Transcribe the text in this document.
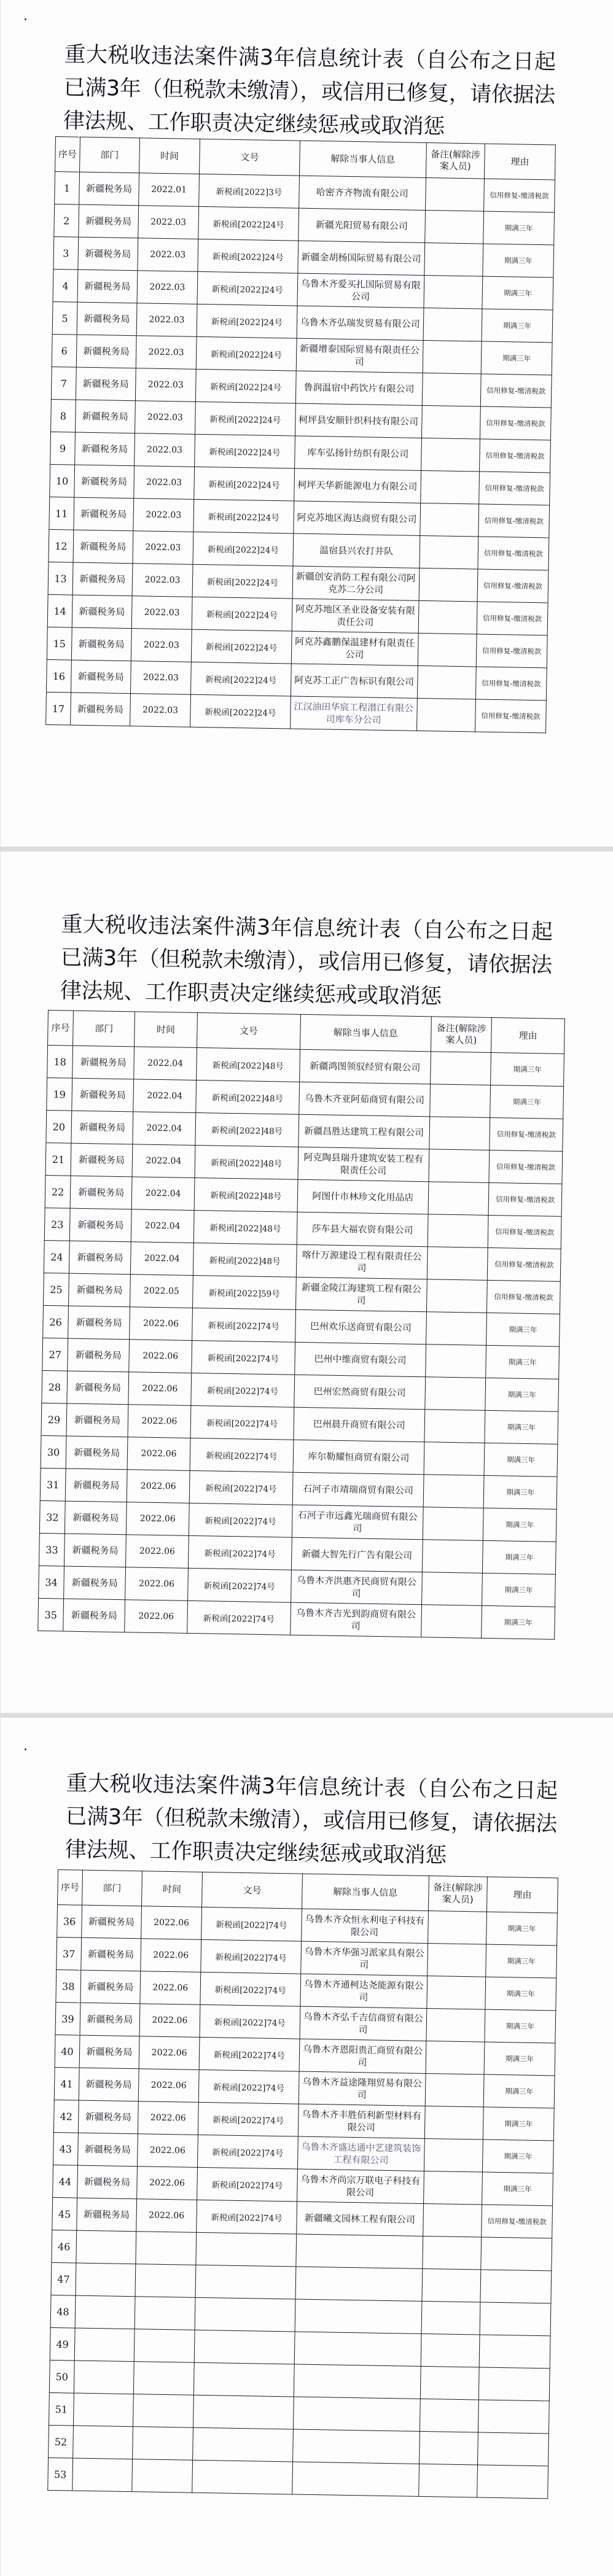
重大税收违法案件满3年信息统计表（自公布之日起已满3年（但税款未缴清），或信用已修复，请依据法律法规、工作职责决定继续惩戒或取消惩
序号	部门	时间	文号	解除当事人信息	备注(解除涉案人员)	理由
1	新疆税务局	2022.01	新税函[2022]3号	哈密齐齐物流有限公司		信用修复-缴清税款
2	新疆税务局	2022.03	新税函[2022]24号	新疆光阳贸易有限公司		期满三年
3	新疆税务局	2022.03	新税函[2022]24号	新疆金胡杨国际贸易有限公司		期满三年
4	新疆税务局	2022.03	新税函[2022]24号	乌鲁木齐爱买扎国际贸易有限公司		期满三年
5	新疆税务局	2022.03	新税函[2022]24号	乌鲁木齐弘瑞发贸易有限公司		期满三年
6	新疆税务局	2022.03	新税函[2022]24号	新疆增泰国际贸易有限责任公司		期满三年
7	新疆税务局	2022.03	新税函[2022]24号	鲁润温宿中药饮片有限公司		信用修复-缴清税款
8	新疆税务局	2022.03	新税函[2022]24号	柯坪县安顺针织科技有限公司		信用修复-缴清税款
9	新疆税务局	2022.03	新税函[2022]24号	库车弘扬针纺织有限公司		信用修复-缴清税款
10	新疆税务局	2022.03	新税函[2022]24号	柯坪天华新能源电力有限公司		信用修复-缴清税款
11	新疆税务局	2022.03	新税函[2022]24号	阿克苏地区海达商贸有限公司		信用修复-缴清税款
12	新疆税务局	2022.03	新税函[2022]24号	温宿县兴农打井队		信用修复-缴清税款
13	新疆税务局	2022.03	新税函[2022]24号	新疆创安消防工程有限公司阿克苏二分公司		信用修复-缴清税款
14	新疆税务局	2022.03	新税函[2022]24号	阿克苏地区圣业设备安装有限责任公司		信用修复-缴清税款
15	新疆税务局	2022.03	新税函[2022]24号	阿克苏鑫鹏保温建材有限责任公司		信用修复-缴清税款
16	新疆税务局	2022.03	新税函[2022]24号	阿克苏工正广告标识有限公司		信用修复-缴清税款
17	新疆税务局	2022.03	新税函[2022]24号	江汉油田华宸工程潜江有限公司库车分公司		信用修复-缴清税款
重大税收违法案件满3年信息统计表（自公布之日起已满3年（但税款未缴清），或信用已修复，请依据法律法规、工作职责决定继续惩戒或取消惩
序号	部门	时间	文号	解除当事人信息	备注(解除涉案人员)	理由
18	新疆税务局	2022.04	新税函[2022]48号	新疆鸿图领驭经贸有限公司		期满三年
19	新疆税务局	2022.04	新税函[2022]48号	乌鲁木齐亚阿茹商贸有限公司		期满三年
20	新疆税务局	2022.04	新税函[2022]48号	新疆昌胜达建筑工程有限公司		信用修复-缴清税款
21	新疆税务局	2022.04	新税函[2022]48号	阿克陶县瑞升建筑安装工程有限责任公司		信用修复-缴清税款
22	新疆税务局	2022.04	新税函[2022]48号	阿图什市林珍文化用品店		信用修复-缴清税款
23	新疆税务局	2022.04	新税函[2022]48号	莎车县大福农资有限公司		信用修复-缴清税款
24	新疆税务局	2022.04	新税函[2022]48号	喀什万源建设工程有限责任公司		信用修复-缴清税款
25	新疆税务局	2022.05	新税函[2022]59号	新疆金陵江海建筑工程有限公司		信用修复-缴清税款
26	新疆税务局	2022.06	新税函[2022]74号	巴州欢乐送商贸有限公司		期满三年
27	新疆税务局	2022.06	新税函[2022]74号	巴州中维商贸有限公司		期满三年
28	新疆税务局	2022.06	新税函[2022]74号	巴州宏然商贸有限公司		期满三年
29	新疆税务局	2022.06	新税函[2022]74号	巴州晨升商贸有限公司		期满三年
30	新疆税务局	2022.06	新税函[2022]74号	库尔勒耀恒商贸有限公司		期满三年
31	新疆税务局	2022.06	新税函[2022]74号	石河子市靖瑞商贸有限公司		期满三年
32	新疆税务局	2022.06	新税函[2022]74号	石河子市远鑫光瑞商贸有限公司		期满三年
33	新疆税务局	2022.06	新税函[2022]74号	新疆大智先行广告有限公司		期满三年
34	新疆税务局	2022.06	新税函[2022]74号	乌鲁木齐洪惠齐民商贸有限公司		期满三年
35	新疆税务局	2022.06	新税函[2022]74号	乌鲁木齐吉光到韵商贸有限公司		期满三年
重大税收违法案件满3年信息统计表（自公布之日起已满3年（但税款未缴清），或信用已修复，请依据法律法规、工作职责决定继续惩戒或取消惩
序号	部门	时间	文号	解除当事人信息	备注(解除涉案人员)	理由
36	新疆税务局	2022.06	新税函[2022]74号	乌鲁木齐众恒永利电子科技有限公司		期满三年
37	新疆税务局	2022.06	新税函[2022]74号	乌鲁木齐华强习派家具有限公司		期满三年
38	新疆税务局	2022.06	新税函[2022]74号	乌鲁木齐通柯达尧能源有限公司		期满三年
39	新疆税务局	2022.06	新税函[2022]74号	乌鲁木齐弘千吉信商贸有限公司		期满三年
40	新疆税务局	2022.06	新税函[2022]74号	乌鲁木齐恩阳贵汇商贸有限公司		期满三年
41	新疆税务局	2022.06	新税函[2022]74号	乌鲁木齐益途隆翔贸易有限公司		期满三年
42	新疆税务局	2022.06	新税函[2022]74号	乌鲁木齐丰胜佰利新型材料有限公司		期满三年
43	新疆税务局	2022.06	新税函[2022]74号	乌鲁木齐盛达通中艺建筑装饰工程有限公司		期满三年
44	新疆税务局	2022.06	新税函[2022]74号	乌鲁木齐尚宗万联电子科技有限公司		期满三年
45	新疆税务局	2022.06	新税函[2022]74号	新疆曦文园林工程有限公司		信用修复-缴清税款
46						
47						
48						
49						
50						
51						
52						
53						
